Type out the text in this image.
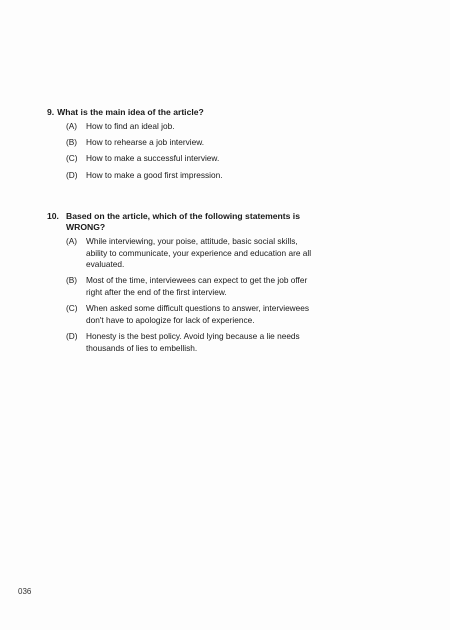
9. What is the main idea of the article?
(A)	How to find an ideal job.
(B)	How to rehearse a job interview.
(C)	How to make a successful interview.
(D)	How to make a good first impression.
10. Based on the article, which of the following statements is WRONG?
(A)	While interviewing, your poise, attitude, basic social skills, ability to communicate, your experience and education are all evaluated.
(B)	Most of the time, interviewees can expect to get the job offer right after the end of the first interview.
(C)	When asked some difficult questions to answer, interviewees don't have to apologize for lack of experience.
(D)	Honesty is the best policy. Avoid lying because a lie needs thousands of lies to embellish.
036
